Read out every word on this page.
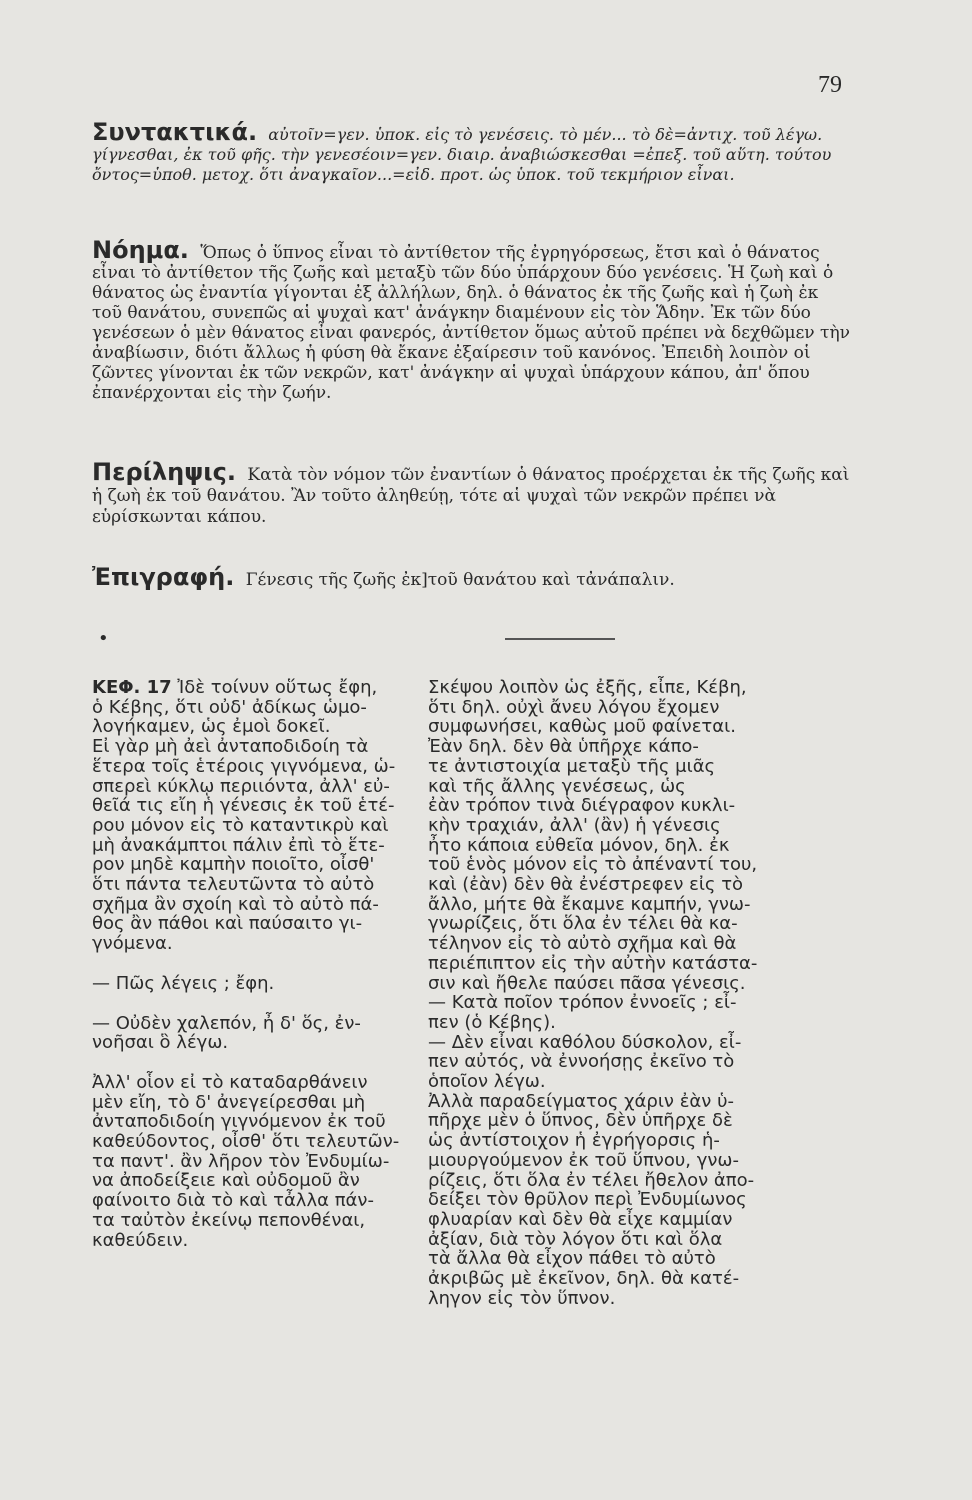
79
Συντακτικά. αὐτοῖν=γεν. ὑποκ. εἰς τὸ γενέσεις. τὸ μέν... τὸ δὲ=ἀντιχ. τοῦ λέγω. γίγνεσθαι, ἐκ τοῦ φῆς. τὴν γενεσέοιν=γεν. διαιρ. ἀναβιώσκεσθαι =ἐπεξ. τοῦ αὕτη. τούτου ὄντος=ὑποθ. μετοχ. ὅτι ἀναγκαῖον...=εἰδ. προτ. ὡς ὑποκ. τοῦ τεκμήριον εἶναι.
Νόημα. Ὅπως ὁ ὕπνος εἶναι τὸ ἀντίθετον τῆς ἐγρηγόρσεως, ἔτσι καὶ ὁ θάνατος εἶναι τὸ ἀντίθετον τῆς ζωῆς καὶ μεταξὺ τῶν δύο ὑπάρχουν δύο γενέσεις. Ἡ ζωὴ καὶ ὁ θάνατος ὡς ἐναντία γίγονται ἐξ ἀλλήλων, δηλ. ὁ θάνατος ἐκ τῆς ζωῆς καὶ ἡ ζωὴ ἐκ τοῦ θανάτου, συνεπῶς αἱ ψυχαὶ κατ' ἀνάγκην διαμένουν εἰς τὸν Ἅδην. Ἐκ τῶν δύο γενέσεων ὁ μὲν θάνατος εἶναι φανερός, ἀντίθετον ὅμως αὐτοῦ πρέπει νὰ δεχθῶμεν τὴν ἀναβίωσιν, διότι ἄλλως ἡ φύση θὰ ἔκανε ἐξαίρεσιν τοῦ κανόνος. Ἐπειδὴ λοιπὸν οἱ ζῶντες γίνονται ἐκ τῶν νεκρῶν, κατ' ἀνάγκην αἱ ψυχαὶ ὑπάρχουν κάπου, ἀπ' ὅπου ἐπανέρχονται εἰς τὴν ζωήν.
Περίληψις. Κατὰ τὸν νόμον τῶν ἐναντίων ὁ θάνατος προέρχεται ἐκ τῆς ζωῆς καὶ ἡ ζωὴ ἐκ τοῦ θανάτου. Ἂν τοῦτο ἀληθεύῃ, τότε αἱ ψυχαὶ τῶν νεκρῶν πρέπει νὰ εὑρίσκωνται κάπου.
Ἐπιγραφή. Γένεσις τῆς ζωῆς ἐκ]τοῦ θανάτου καὶ τἀνάπαλιν.
•

ΚΕΦ. 17 Ἰδὲ τοίνυν οὕτως ἔφη,
ὁ Κέβης, ὅτι οὐδ' ἀδίκως ὡμο-
λογήκαμεν, ὡς ἐμοὶ δοκεῖ.
Εἰ γὰρ μὴ ἀεὶ ἀνταποδιδοίη τὰ
ἕτερα τοῖς ἑτέροις γιγνόμενα, ὡ-
σπερεὶ κύκλῳ περιιόντα, ἀλλ' εὐ-
θεῖά τις εἴη ἡ γένεσις ἐκ τοῦ ἑτέ-
ρου μόνον εἰς τὸ καταντικρὺ καὶ
μὴ ἀνακάμπτοι πάλιν ἐπὶ τὸ ἕτε-
ρον μηδὲ καμπὴν ποιοῖτο, οἶσθ'
ὅτι πάντα τελευτῶντα τὸ αὐτὸ
σχῆμα ἂν σχοίη καὶ τὸ αὐτὸ πά-
θος ἂν πάθοι καὶ παύσαιτο γι-
γνόμενα.

— Πῶς λέγεις ; ἔφη.

— Οὐδὲν χαλεπόν, ἦ δ' ὅς, ἐν-
νοῆσαι ὃ λέγω.

Ἀλλ' οἷον εἰ τὸ καταδαρθάνειν
μὲν εἴη, τὸ δ' ἀνεγείρεσθαι μὴ
ἀνταποδιδοίη γιγνόμενον ἐκ τοῦ
καθεύδοντος, οἶσθ' ὅτι τελευτῶν-
τα παντ'. ἂν λῆρον τὸν Ἐνδυμίω-
να ἀποδείξειε καὶ οὐδομοῦ ἂν
φαίνοιτο διὰ τὸ καὶ τἆλλα πάν-
τα ταὐτὸν ἐκείνῳ πεπονθέναι,
καθεύδειν.

Σκέψου λοιπὸν ὡς ἐξῆς, εἶπε, Κέβη,
ὅτι δηλ. οὐχὶ ἄνευ λόγου ἔχομεν
συμφωνήσει, καθὼς μοῦ φαίνεται.
Ἐὰν δηλ. δὲν θὰ ὑπῆρχε κάπο-
τε ἀντιστοιχία μεταξὺ τῆς μιᾶς
καὶ τῆς ἄλλης γενέσεως, ὡς
ἐὰν τρόπον τινὰ διέγραφον κυκλι-
κὴν τραχιάν, ἀλλ' (ἂν) ἡ γένεσις
ἦτο κάποια εὐθεῖα μόνον, δηλ. ἐκ
τοῦ ἑνὸς μόνον εἰς τὸ ἀπέναντί του,
καὶ (ἐὰν) δὲν θὰ ἐνέστρεφεν εἰς τὸ
ἄλλο, μήτε θὰ ἔκαμνε καμπήν, γνω-
γνωρίζεις, ὅτι ὅλα ἐν τέλει θὰ κα-
τέληνον εἰς τὸ αὐτὸ σχῆμα καὶ θὰ
περιέπιπτον εἰς τὴν αὐτὴν κατάστα-
σιν καὶ ἤθελε παύσει πᾶσα γένεσις.

— Κατὰ ποῖον τρόπον ἐννοεῖς ; εἶ-
πεν (ὁ Κέβης).

— Δὲν εἶναι καθόλου δύσκολον, εἶ-
πεν αὐτός, νὰ ἐννοήσῃς ἐκεῖνο τὸ
ὁποῖον λέγω.

Ἀλλὰ παραδείγματος χάριν ἐὰν ὑ-
πῆρχε μὲν ὁ ὕπνος, δὲν ὑπῆρχε δὲ
ὡς ἀντίστοιχον ἡ ἐγρήγορσις ἡ-
μιουργούμενον ἐκ τοῦ ὕπνου, γνω-
ρίζεις, ὅτι ὅλα ἐν τέλει ἤθελον ἀπο-
δείξει τὸν θρῦλον περὶ Ἐνδυμίωνος
φλυαρίαν καὶ δὲν θὰ εἶχε καμμίαν
ἀξίαν, διὰ τὸν λόγον ὅτι καὶ ὅλα
τὰ ἄλλα θὰ εἶχον πάθει τὸ αὐτὸ
ἀκριβῶς μὲ ἐκεῖνον, δηλ. θὰ κατέ-
ληγον εἰς τὸν ὕπνον.
